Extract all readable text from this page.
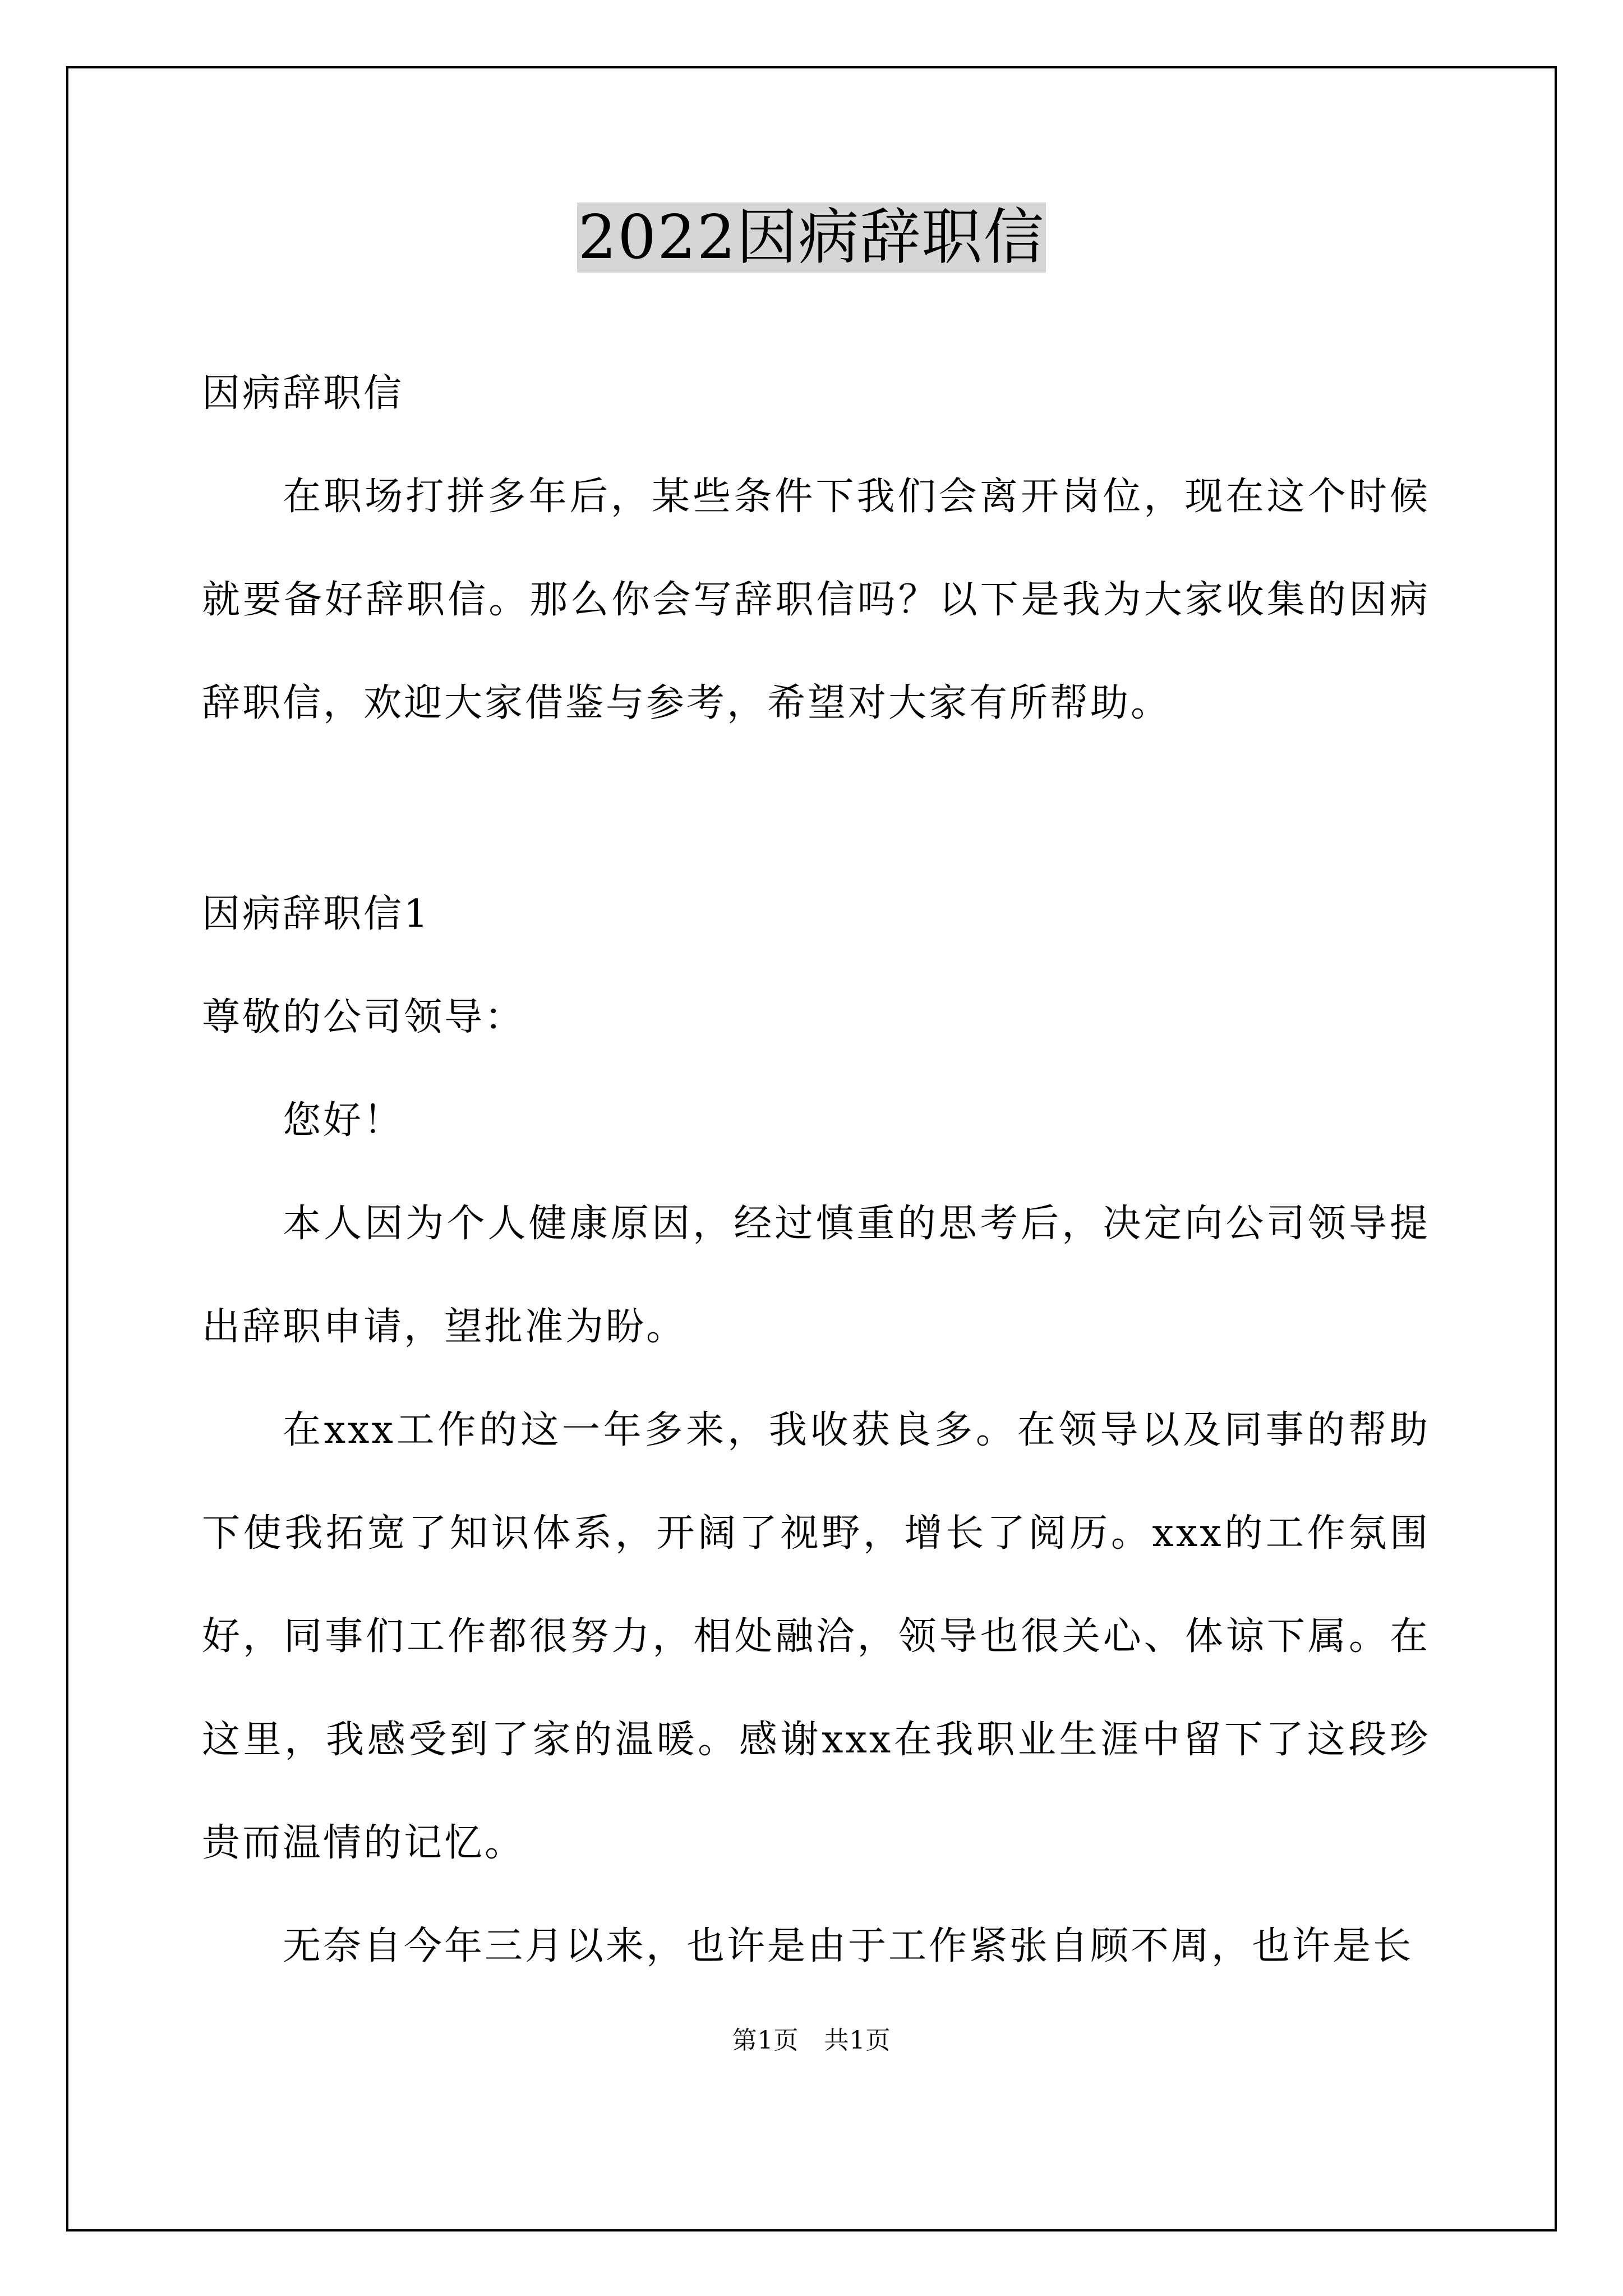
2022因病辞职信

因病辞职信

在职场打拼多年后，某些条件下我们会离开岗位，现在这个时候就要备好辞职信。那么你会写辞职信吗？以下是我为大家收集的因病辞职信，欢迎大家借鉴与参考，希望对大家有所帮助。

因病辞职信1

尊敬的公司领导：

您好！

本人因为个人健康原因，经过慎重的思考后，决定向公司领导提出辞职申请，望批准为盼。

在xxx工作的这一年多来，我收获良多。在领导以及同事的帮助下使我拓宽了知识体系，开阔了视野，增长了阅历。xxx的工作氛围好，同事们工作都很努力，相处融洽，领导也很关心、体谅下属。在这里，我感受到了家的温暖。感谢xxx在我职业生涯中留下了这段珍贵而温情的记忆。

无奈自今年三月以来，也许是由于工作紧张自顾不周，也许是长

第1页　共1页
